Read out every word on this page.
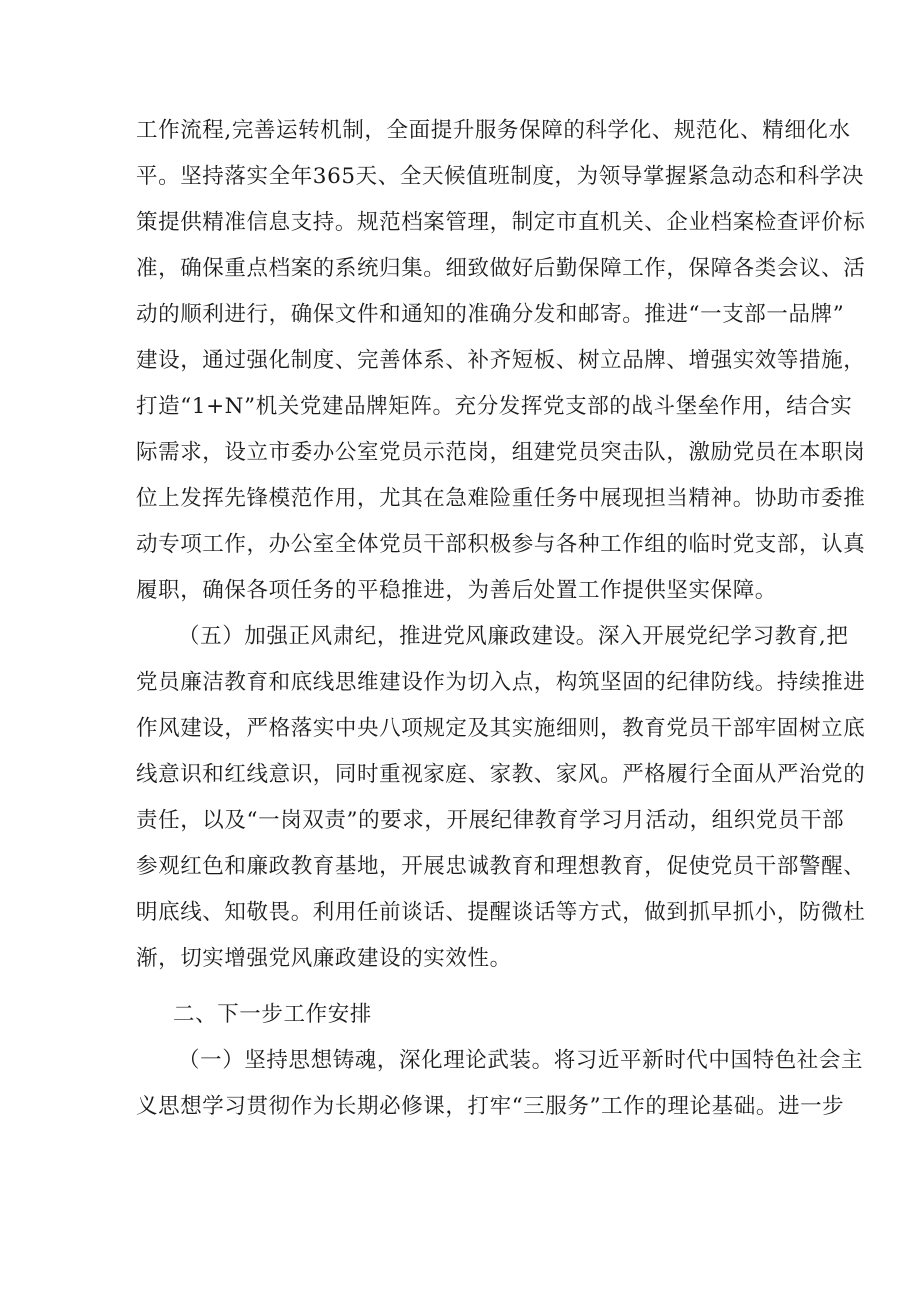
工作流程,完善运转机制，全面提升服务保障的科学化、规范化、精细化水
平。坚持落实全年365天、全天候值班制度，为领导掌握紧急动态和科学决
策提供精准信息支持。规范档案管理，制定市直机关、企业档案检查评价标
准，确保重点档案的系统归集。细致做好后勤保障工作，保障各类会议、活
动的顺利进行，确保文件和通知的准确分发和邮寄。推进“一支部一品牌”
建设，通过强化制度、完善体系、补齐短板、树立品牌、增强实效等措施，
打造“1+N”机关党建品牌矩阵。充分发挥党支部的战斗堡垒作用，结合实
际需求，设立市委办公室党员示范岗，组建党员突击队，激励党员在本职岗
位上发挥先锋模范作用，尤其在急难险重任务中展现担当精神。协助市委推
动专项工作，办公室全体党员干部积极参与各种工作组的临时党支部，认真
履职，确保各项任务的平稳推进，为善后处置工作提供坚实保障。
（五）加强正风肃纪，推进党风廉政建设。深入开展党纪学习教育,把
党员廉洁教育和底线思维建设作为切入点，构筑坚固的纪律防线。持续推进
作风建设，严格落实中央八项规定及其实施细则，教育党员干部牢固树立底
线意识和红线意识，同时重视家庭、家教、家风。严格履行全面从严治党的
责任，以及“一岗双责”的要求，开展纪律教育学习月活动，组织党员干部
参观红色和廉政教育基地，开展忠诚教育和理想教育，促使党员干部警醒、
明底线、知敬畏。利用任前谈话、提醒谈话等方式，做到抓早抓小，防微杜
渐，切实增强党风廉政建设的实效性。
二、下一步工作安排
（一）坚持思想铸魂，深化理论武装。将习近平新时代中国特色社会主
义思想学习贯彻作为长期必修课，打牢“三服务”工作的理论基础。进一步
